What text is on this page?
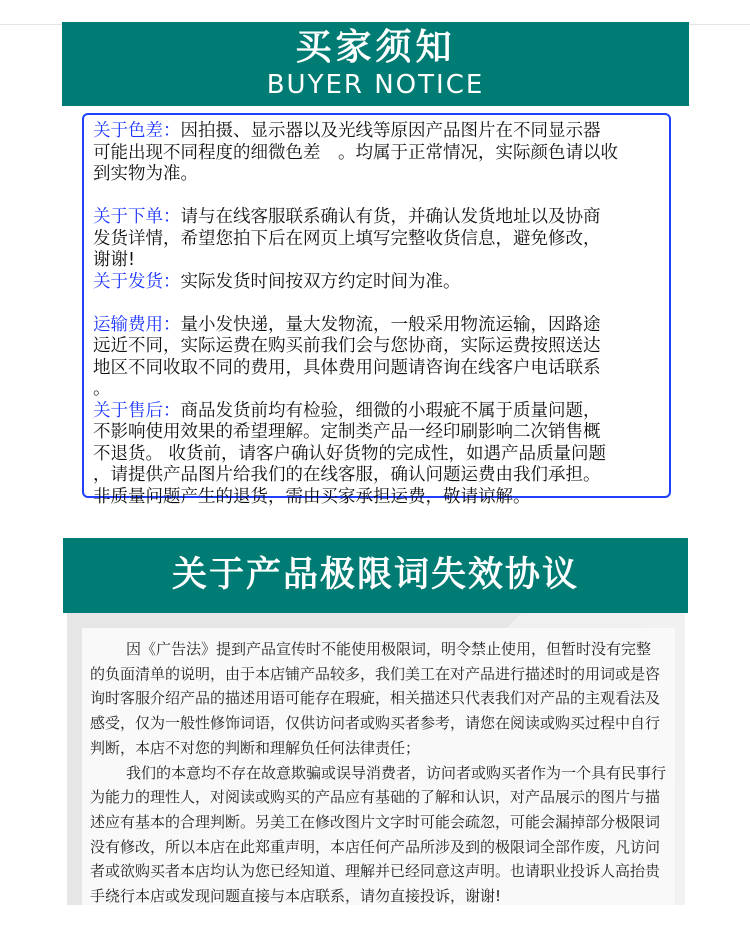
买家须知
BUYER NOTICE
关于色差：因拍摄、显示器以及光线等原因产品图片在不同显示器
可能出现不同程度的细微色差　。均属于正常情况，实际颜色请以收
到实物为准。
关于下单：请与在线客服联系确认有货，并确认发货地址以及协商
发货详情，希望您拍下后在网页上填写完整收货信息，避免修改，
谢谢!
关于发货：实际发货时间按双方约定时间为准。
运输费用：量小发快递，量大发物流，一般采用物流运输，因路途
远近不同，实际运费在购买前我们会与您协商，实际运费按照送达
地区不同收取不同的费用，具体费用问题请咨询在线客户电话联系
。
关于售后：商品发货前均有检验，细微的小瑕疵不属于质量问题，
不影响使用效果的希望理解。定制类产品一经印刷影响二次销售概
不退货。 收货前，请客户确认好货物的完成性，如遇产品质量问题
，请提供产品图片给我们的在线客服，确认问题运费由我们承担。
非质量问题产生的退货，需由买家承担运费，敬请谅解。
关于产品极限词失效协议
因《广告法》提到产品宣传时不能使用极限词，明令禁止使用，但暂时没有完整
的负面清单的说明，由于本店铺产品较多，我们美工在对产品进行描述时的用词或是咨
询时客服介绍产品的描述用语可能存在瑕疵，相关描述只代表我们对产品的主观看法及
感受，仅为一般性修饰词语，仅供访问者或购买者参考，请您在阅读或购买过程中自行
判断，本店不对您的判断和理解负任何法律责任；
我们的本意均不存在故意欺骗或误导消费者，访问者或购买者作为一个具有民事行
为能力的理性人，对阅读或购买的产品应有基础的了解和认识，对产品展示的图片与描
述应有基本的合理判断。另美工在修改图片文字时可能会疏忽，可能会漏掉部分极限词
没有修改，所以本店在此郑重声明，本店任何产品所涉及到的极限词全部作废，凡访问
者或欲购买者本店均认为您已经知道、理解并已经同意这声明。也请职业投诉人高抬贵
手绕行本店或发现问题直接与本店联系，请勿直接投诉，谢谢!
